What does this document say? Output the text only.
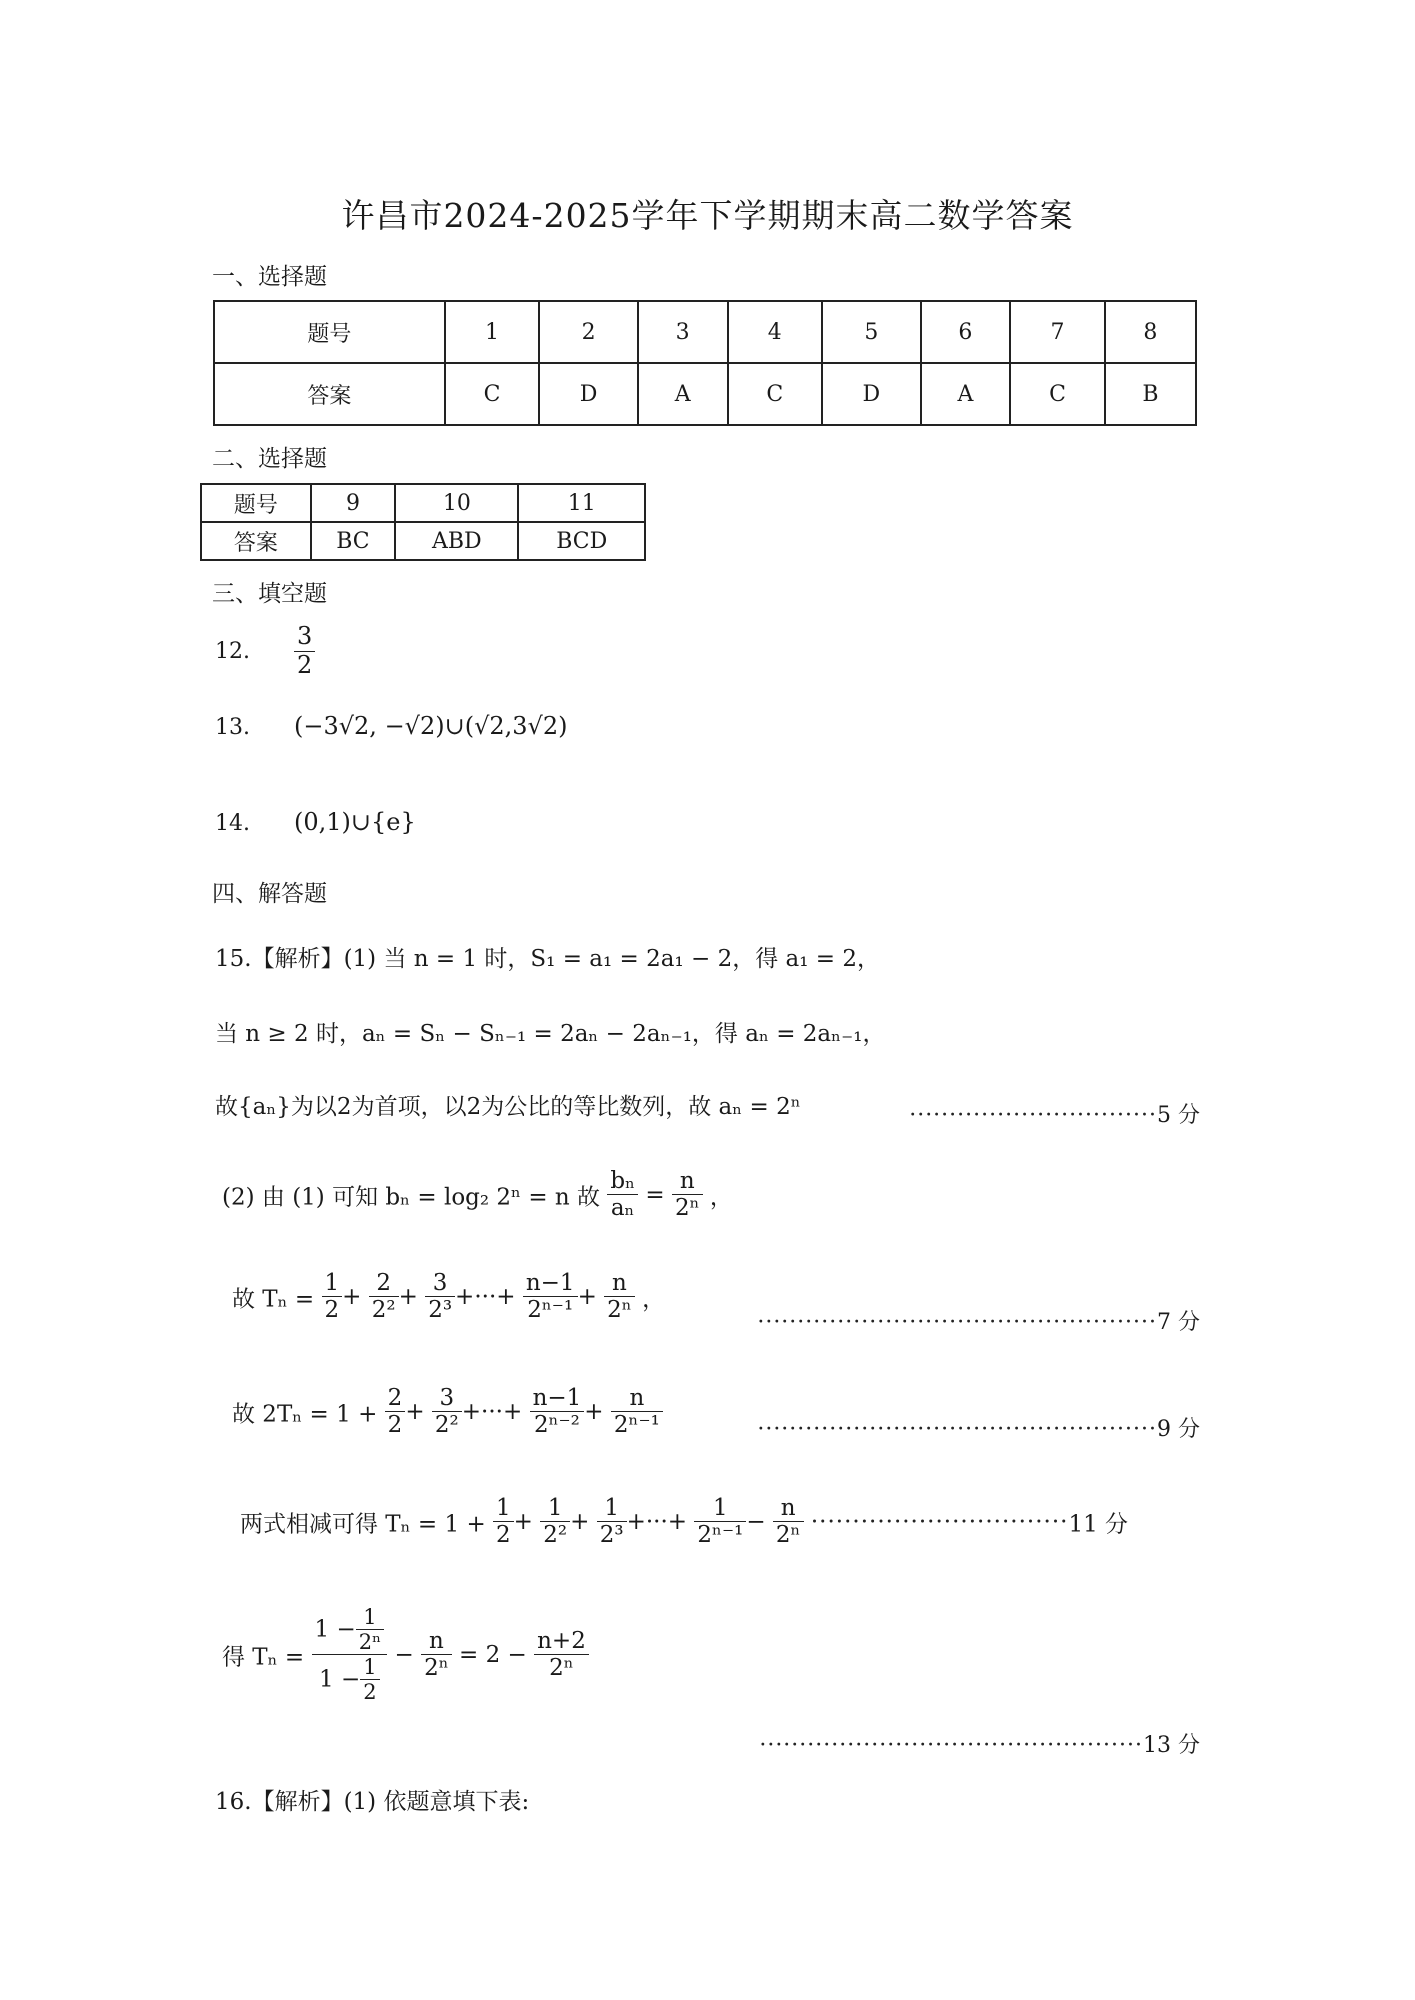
许昌市2024-2025学年下学期期末高二数学答案
一、选择题
题号	1	2	3	4	5	6	7	8
答案	C	D	A	C	D	A	C	B
二、选择题
题号	9	10	11
答案	BC	ABD	BCD
三、填空题
12. $\frac{3}{2}$
13. (−3√2, −√2)∪(√2,3√2)
14. (0,1)∪{e}
四、解答题
15.【解析】(1) 当 n = 1 时，S₁ = a₁ = 2a₁ − 2，得 a₁ = 2，
当 n ≥ 2 时，aₙ = Sₙ − Sₙ₋₁ = 2aₙ − 2aₙ₋₁，得 aₙ = 2aₙ₋₁，
故{aₙ}为以2为首项，以2为公比的等比数列，故 aₙ = 2ⁿ	·······························5 分
(2) 由 (1) 可知 bₙ = log₂ 2ⁿ = n 故 $\frac{\text{bₙ}}{\text{aₙ}} = \frac{n}{\text{2ⁿ}}$ ，
故 $T_n = \frac{1}{2} + \frac{2}{\text{2²}} + \frac{3}{\text{2³}}$ +···+ $\frac{n-1}{\text{2ⁿ⁻¹}} + \frac{n}{\text{2ⁿ}}$ ，
··················································7 分
故 $2T_n = 1 + \frac{2}{2} + \frac{3}{\text{2²}}$ +···+ $\frac{n-1}{\text{2ⁿ⁻²}} + \frac{n}{\text{2ⁿ⁻¹}}$	··················································9 分
两式相减可得 $T_n = 1 + \frac{1}{2} + \frac{1}{\text{2²}} + \frac{1}{\text{2³}}$ +···+ $\frac{1}{\text{2ⁿ⁻¹}} - \frac{n}{\text{2ⁿ}} \cdot\cdot\cdot\cdot\cdot\cdot\cdot\cdot\cdot\cdot\cdot\cdot\cdot\cdot\cdot\cdot\cdot\cdot\cdot\cdot\cdot\cdot\cdot\cdot\cdot\cdot\cdot\cdot\cdot\cdot\cdot 11$ 分
得 $T_n = \frac{1 - \frac{1}{\text{2ⁿ}}}{1 - \frac{1}{2}} - \frac{n}{\text{2ⁿ}} = 2 - \frac{n+2}{\text{2ⁿ}}$
················································13 分
16.【解析】(1) 依题意填下表:
